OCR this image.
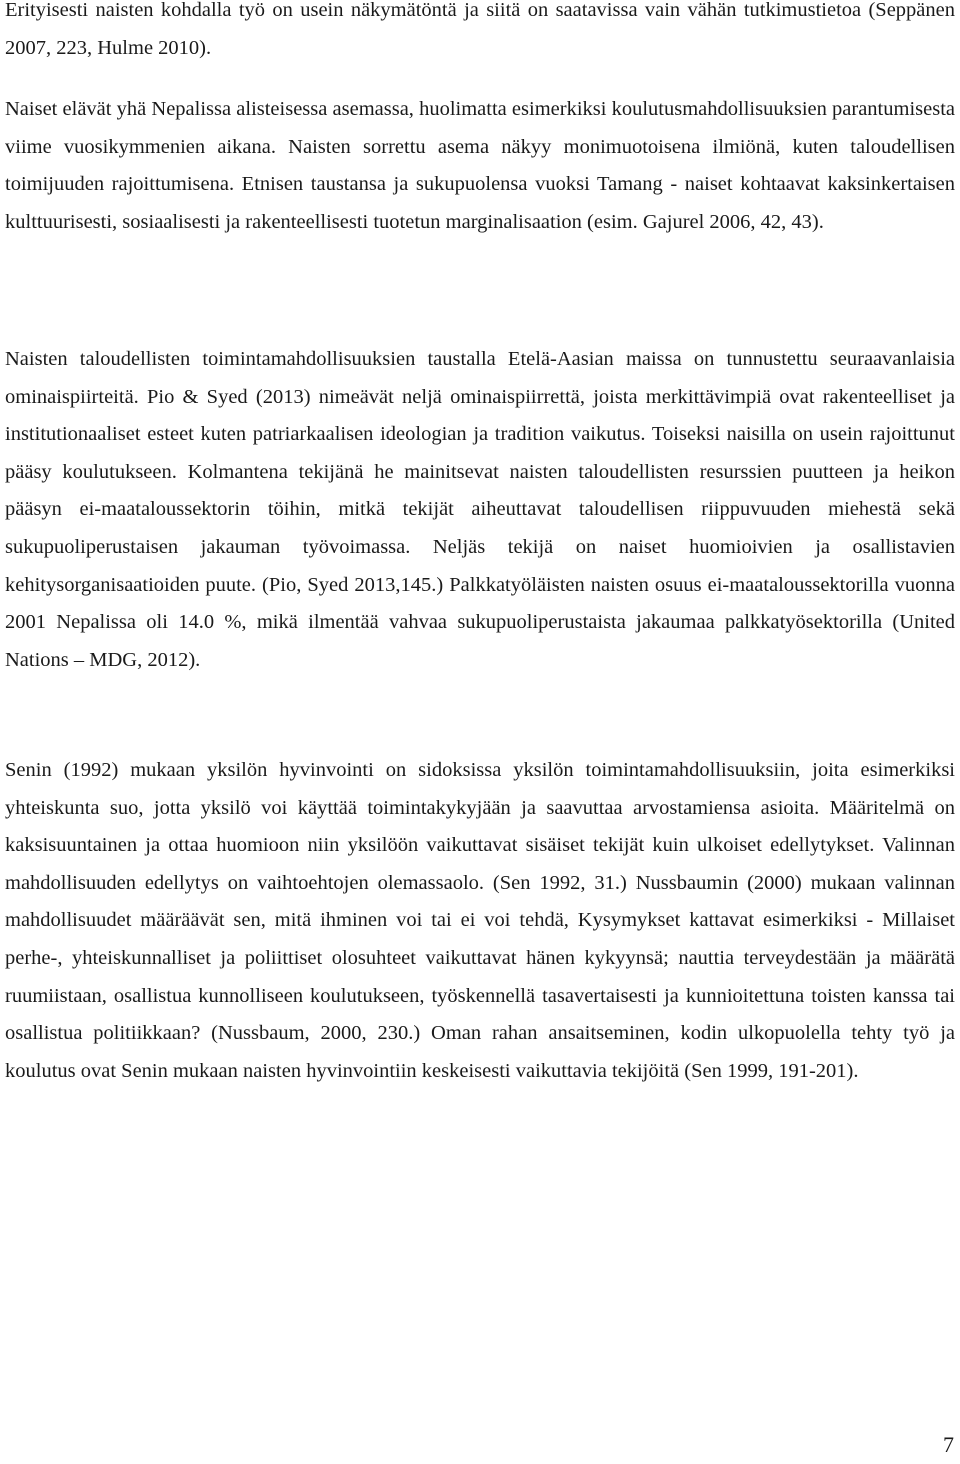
Erityisesti naisten kohdalla työ on usein näkymätöntä ja siitä on saatavissa vain vähän tutkimustietoa (Seppänen 2007, 223, Hulme 2010).

Naiset elävät yhä Nepalissa alisteisessa asemassa, huolimatta esimerkiksi koulutusmahdollisuuksien parantumisesta viime vuosikymmenien aikana. Naisten sorrettu asema näkyy monimuotoisena ilmiönä, kuten taloudellisen toimijuuden rajoittumisena. Etnisen taustansa ja sukupuolensa vuoksi Tamang - naiset kohtaavat kaksinkertaisen kulttuurisesti, sosiaalisesti ja rakenteellisesti tuotetun marginalisaation (esim. Gajurel 2006, 42, 43).

Naisten taloudellisten toimintamahdollisuuksien taustalla Etelä-Aasian maissa on tunnustettu seuraavanlaisia ominaispiirteitä. Pio & Syed (2013) nimeävät neljä ominaispiirrettä, joista merkittävimpiä ovat rakenteelliset ja institutionaaliset esteet kuten patriarkaalisen ideologian ja tradition vaikutus. Toiseksi naisilla on usein rajoittunut pääsy koulutukseen. Kolmantena tekijänä he mainitsevat naisten taloudellisten resurssien puutteen ja heikon pääsyn ei-maataloussektorin töihin, mitkä tekijät aiheuttavat taloudellisen riippuvuuden miehestä sekä sukupuoliperustaisen jakauman työvoimassa. Neljäs tekijä on naiset huomioivien ja osallistavien kehitysorganisaatioiden puute. (Pio, Syed 2013,145.) Palkkatyöläisten naisten osuus ei-maataloussektorilla vuonna 2001 Nepalissa oli 14.0 %, mikä ilmentää vahvaa sukupuoliperustaista jakaumaa palkkatyösektorilla (United Nations – MDG, 2012).

Senin (1992) mukaan yksilön hyvinvointi on sidoksissa yksilön toimintamahdollisuuksiin, joita esimerkiksi yhteiskunta suo, jotta yksilö voi käyttää toimintakykyjään ja saavuttaa arvostamiensa asioita. Määritelmä on kaksisuuntainen ja ottaa huomioon niin yksilöön vaikuttavat sisäiset tekijät kuin ulkoiset edellytykset. Valinnan mahdollisuuden edellytys on vaihtoehtojen olemassaolo. (Sen 1992, 31.) Nussbaumin (2000) mukaan valinnan mahdollisuudet määräävät sen, mitä ihminen voi tai ei voi tehdä, Kysymykset kattavat esimerkiksi - Millaiset perhe-, yhteiskunnalliset ja poliittiset olosuhteet vaikuttavat hänen kykyynsä; nauttia terveydestään ja määrätä ruumiistaan, osallistua kunnolliseen koulutukseen, työskennellä tasavertaisesti ja kunnioitettuna toisten kanssa tai osallistua politiikkaan? (Nussbaum, 2000, 230.) Oman rahan ansaitseminen, kodin ulkopuolella tehty työ ja koulutus ovat Senin mukaan naisten hyvinvointiin keskeisesti vaikuttavia tekijöitä (Sen 1999, 191-201).

7
